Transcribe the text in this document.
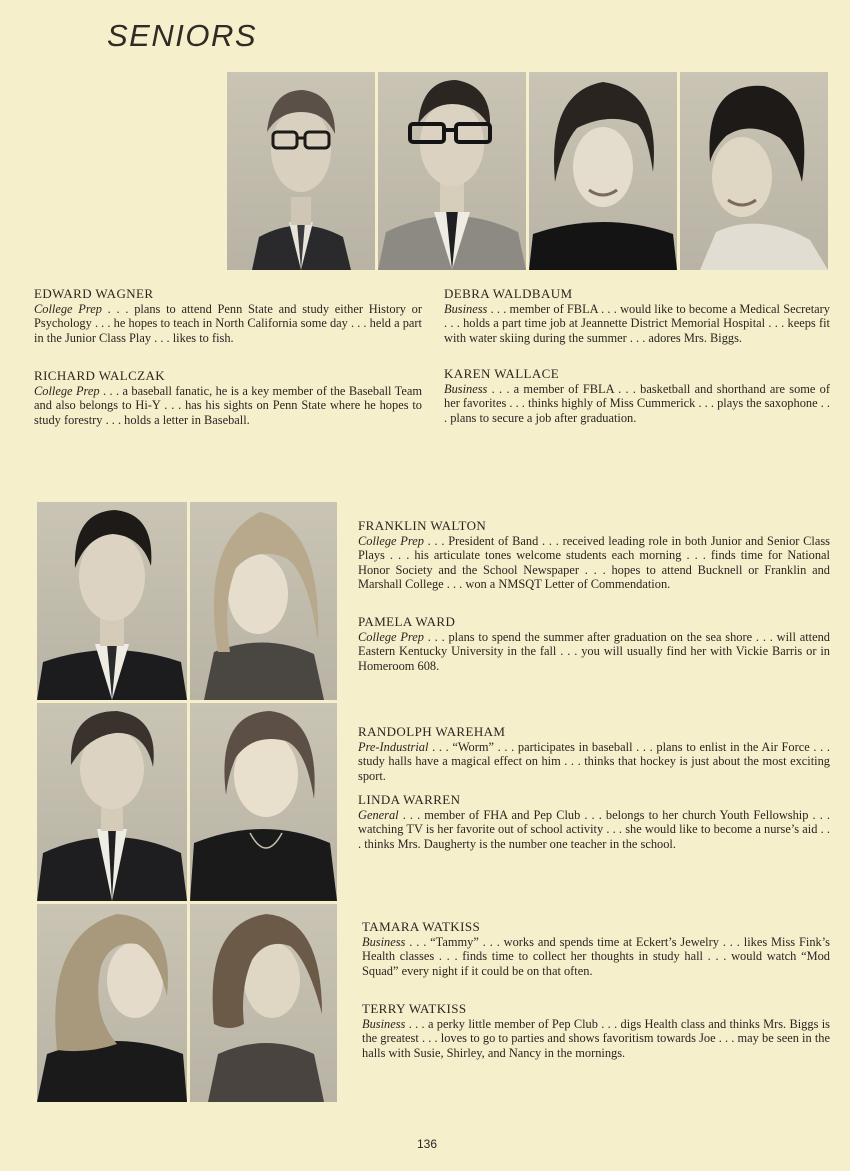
SENIORS

EDWARD WAGNER

College Prep . . . plans to attend Penn State and study either History or Psychology . . . he hopes to teach in North California some day . . . held a part in the Junior Class Play . . . likes to fish.

RICHARD WALCZAK

College Prep . . . a baseball fanatic, he is a key member of the Baseball Team and also belongs to Hi-Y . . . has his sights on Penn State where he hopes to study forestry . . . holds a letter in Baseball.

DEBRA WALDBAUM

Business . . . member of FBLA . . . would like to become a Medical Secretary . . . holds a part time job at Jeannette District Memorial Hospital . . . keeps fit with water skiing during the summer . . . adores Mrs. Biggs.

KAREN WALLACE

Business . . . a member of FBLA . . . basketball and shorthand are some of her favorites . . . thinks highly of Miss Cummerick . . . plays the saxophone . . . plans to secure a job after graduation.

FRANKLIN WALTON

College Prep . . . President of Band . . . received leading role in both Junior and Senior Class Plays . . . his articulate tones welcome students each morning . . . finds time for National Honor Society and the School Newspaper . . . hopes to attend Bucknell or Franklin and Marshall College . . . won a NMSQT Letter of Commendation.

PAMELA WARD

College Prep . . . plans to spend the summer after graduation on the sea shore . . . will attend Eastern Kentucky University in the fall . . . you will usually find her with Vickie Barris or in Homeroom 608.

RANDOLPH WAREHAM

Pre-Industrial . . . “Worm” . . . participates in baseball . . . plans to enlist in the Air Force . . . study halls have a magical effect on him . . . thinks that hockey is just about the most exciting sport.

LINDA WARREN

General . . . member of FHA and Pep Club . . . belongs to her church Youth Fellowship . . . watching TV is her favorite out of school activity . . . she would like to become a nurse’s aid . . . thinks Mrs. Daugherty is the number one teacher in the school.

TAMARA WATKISS

Business . . . “Tammy” . . . works and spends time at Eckert’s Jewelry . . . likes Miss Fink’s Health classes . . . finds time to collect her thoughts in study hall . . . would watch “Mod Squad” every night if it could be on that often.

TERRY WATKISS

Business . . . a perky little member of Pep Club . . . digs Health class and thinks Mrs. Biggs is the greatest . . . loves to go to parties and shows favoritism towards Joe . . . may be seen in the halls with Susie, Shirley, and Nancy in the mornings.

136
